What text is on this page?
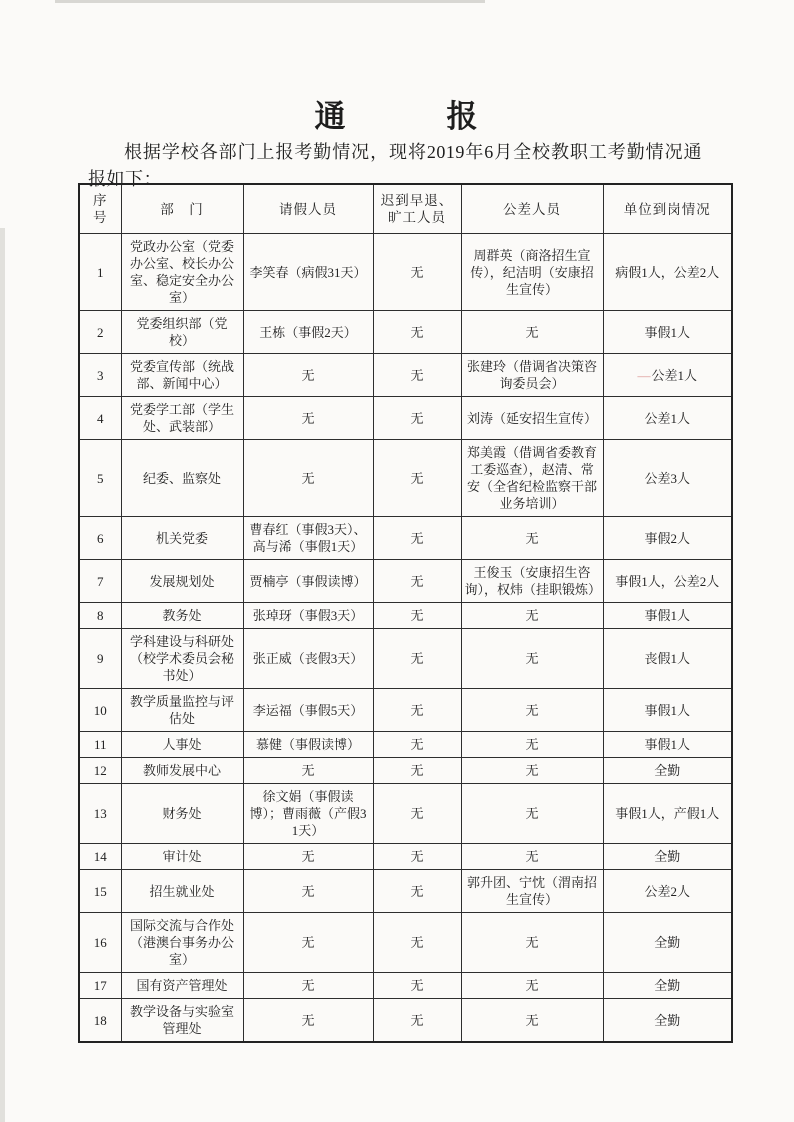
通　　　报

根据学校各部门上报考勤情况，现将2019年6月全校教职工考勤情况通报如下：

序号	部　门	请假人员	迟到早退、旷工人员	公差人员	单位到岗情况
1	党政办公室（党委办公室、校长办公室、稳定安全办公室）	李笑春（病假31天）	无	周群英（商洛招生宣传），纪洁明（安康招生宣传）	病假1人，公差2人
2	党委组织部（党校）	王栋（事假2天）	无	无	事假1人
3	党委宣传部（统战部、新闻中心）	无	无	张建玲（借调省决策咨询委员会）	—公差1人
4	党委学工部（学生处、武装部）	无	无	刘涛（延安招生宣传）	公差1人
5	纪委、监察处	无	无	郑美霞（借调省委教育工委巡查），赵清、常安（全省纪检监察干部业务培训）	公差3人
6	机关党委	曹春红（事假3天）、高与浠（事假1天）	无	无	事假2人
7	发展规划处	贾楠亭（事假读博）	无	王俊玉（安康招生咨询），权炜（挂职锻炼）	事假1人，公差2人
8	教务处	张琸玡（事假3天）	无	无	事假1人
9	学科建设与科研处（校学术委员会秘书处）	张正威（丧假3天）	无	无	丧假1人
10	教学质量监控与评估处	李运福（事假5天）	无	无	事假1人
11	人事处	慕健（事假读博）	无	无	事假1人
12	教师发展中心	无	无	无	全勤
13	财务处	徐文娟（事假读博）；曹雨薇（产假31天）	无	无	事假1人，产假1人
14	审计处	无	无	无	全勤
15	招生就业处	无	无	郭升团、宁忱（渭南招生宣传）	公差2人
16	国际交流与合作处（港澳台事务办公室）	无	无	无	全勤
17	国有资产管理处	无	无	无	全勤
18	教学设备与实验室管理处	无	无	无	全勤
